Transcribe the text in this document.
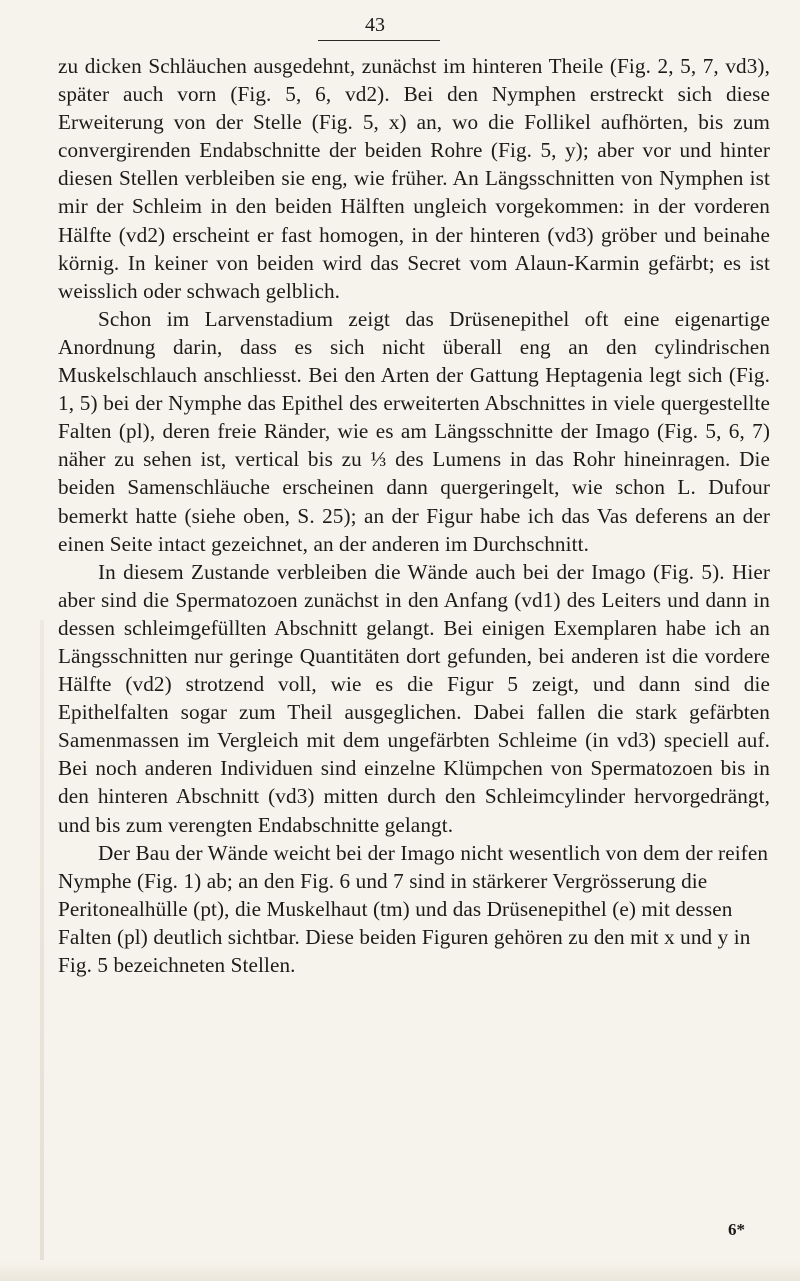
43

zu dicken Schläuchen ausgedehnt, zunächst im hinteren Theile (Fig. 2, 5, 7, vd3), später auch vorn (Fig. 5, 6, vd2). Bei den Nymphen erstreckt sich diese Erweiterung von der Stelle (Fig. 5, x) an, wo die Follikel aufhörten, bis zum convergirenden Endabschnitte der beiden Rohre (Fig. 5, y); aber vor und hinter diesen Stellen verbleiben sie eng, wie früher. An Längsschnitten von Nymphen ist mir der Schleim in den beiden Hälften ungleich vorgekommen: in der vorderen Hälfte (vd2) erscheint er fast homogen, in der hinteren (vd3) gröber und beinahe körnig. In keiner von beiden wird das Secret vom Alaun-Karmin gefärbt; es ist weisslich oder schwach gelblich.

Schon im Larvenstadium zeigt das Drüsenepithel oft eine eigenartige Anordnung darin, dass es sich nicht überall eng an den cylindrischen Muskelschlauch anschliesst. Bei den Arten der Gattung Heptagenia legt sich (Fig. 1, 5) bei der Nymphe das Epithel des erweiterten Abschnittes in viele quergestellte Falten (pl), deren freie Ränder, wie es am Längsschnitte der Imago (Fig. 5, 6, 7) näher zu sehen ist, vertical bis zu ⅓ des Lumens in das Rohr hineinragen. Die beiden Samenschläuche erscheinen dann quergeringelt, wie schon L. Dufour bemerkt hatte (siehe oben, S. 25); an der Figur habe ich das Vas deferens an der einen Seite intact gezeichnet, an der anderen im Durchschnitt.

In diesem Zustande verbleiben die Wände auch bei der Imago (Fig. 5). Hier aber sind die Spermatozoen zunächst in den Anfang (vd1) des Leiters und dann in dessen schleimgefüllten Abschnitt gelangt. Bei einigen Exemplaren habe ich an Längsschnitten nur geringe Quantitäten dort gefunden, bei anderen ist die vordere Hälfte (vd2) strotzend voll, wie es die Figur 5 zeigt, und dann sind die Epithelfalten sogar zum Theil ausgeglichen. Dabei fallen die stark gefärbten Samenmassen im Vergleich mit dem ungefärbten Schleime (in vd3) speciell auf. Bei noch anderen Individuen sind einzelne Klümpchen von Spermatozoen bis in den hinteren Abschnitt (vd3) mitten durch den Schleimcylinder hervorgedrängt, und bis zum verengten Endabschnitte gelangt.

Der Bau der Wände weicht bei der Imago nicht wesentlich von dem der reifen Nymphe (Fig. 1) ab; an den Fig. 6 und 7 sind in stärkerer Vergrösserung die Peritonealhülle (pt), die Muskelhaut (tm) und das Drüsenepithel (e) mit dessen Falten (pl) deutlich sichtbar. Diese beiden Figuren gehören zu den mit x und y in Fig. 5 bezeichneten Stellen.

6*
